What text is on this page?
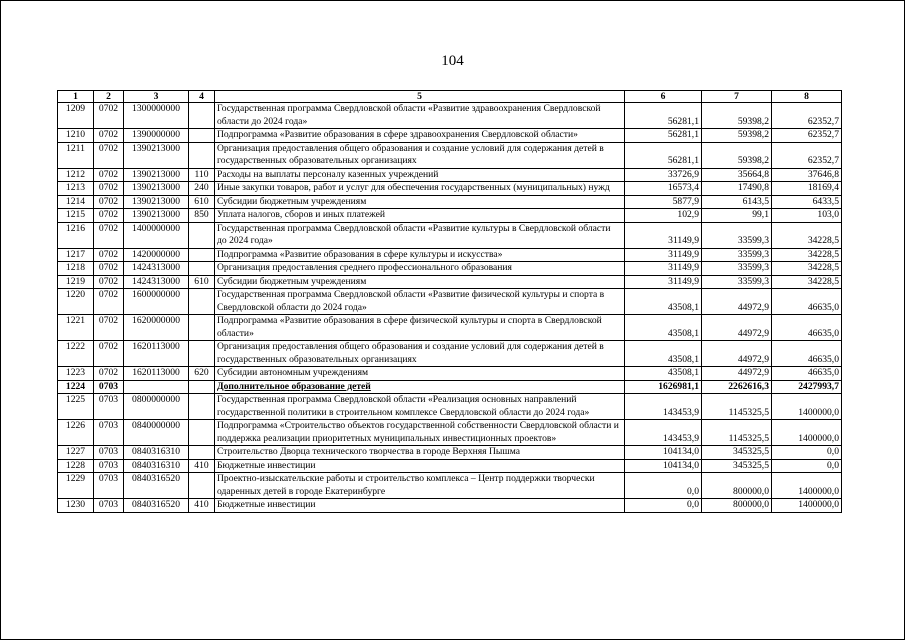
104
1	2	3	4	5	6	7	8
1209	0702	1300000000		Государственная программа Свердловской области «Развитие здравоохранения Свердловской области до 2024 года»	56281,1	59398,2	62352,7
1210	0702	1390000000		Подпрограмма «Развитие образования в сфере здравоохранения Свердловской области»	56281,1	59398,2	62352,7
1211	0702	1390213000		Организация предоставления общего образования и создание условий для содержания детей в государственных образовательных организациях	56281,1	59398,2	62352,7
1212	0702	1390213000	110	Расходы на выплаты персоналу казенных учреждений	33726,9	35664,8	37646,8
1213	0702	1390213000	240	Иные закупки товаров, работ и услуг для обеспечения государственных (муниципальных) нужд	16573,4	17490,8	18169,4
1214	0702	1390213000	610	Субсидии бюджетным учреждениям	5877,9	6143,5	6433,5
1215	0702	1390213000	850	Уплата налогов, сборов и иных платежей	102,9	99,1	103,0
1216	0702	1400000000		Государственная программа Свердловской области «Развитие культуры в Свердловской области до 2024 года»	31149,9	33599,3	34228,5
1217	0702	1420000000		Подпрограмма «Развитие образования в сфере культуры и искусства»	31149,9	33599,3	34228,5
1218	0702	1424313000		Организация предоставления среднего профессионального образования	31149,9	33599,3	34228,5
1219	0702	1424313000	610	Субсидии бюджетным учреждениям	31149,9	33599,3	34228,5
1220	0702	1600000000		Государственная программа Свердловской области «Развитие физической культуры и спорта в Свердловской области до 2024 года»	43508,1	44972,9	46635,0
1221	0702	1620000000		Подпрограмма «Развитие образования в сфере физической культуры и спорта в Свердловской области»	43508,1	44972,9	46635,0
1222	0702	1620113000		Организация предоставления общего образования и создание условий для содержания детей в государственных образовательных организациях	43508,1	44972,9	46635,0
1223	0702	1620113000	620	Субсидии автономным учреждениям	43508,1	44972,9	46635,0
1224	0703			Дополнительное образование детей	1626981,1	2262616,3	2427993,7
1225	0703	0800000000		Государственная программа Свердловской области «Реализация основных направлений государственной политики в строительном комплексе Свердловской области до 2024 года»	143453,9	1145325,5	1400000,0
1226	0703	0840000000		Подпрограмма «Строительство объектов государственной собственности Свердловской области и поддержка реализации приоритетных муниципальных инвестиционных проектов»	143453,9	1145325,5	1400000,0
1227	0703	0840316310		Строительство Дворца технического творчества в городе Верхняя Пышма	104134,0	345325,5	0,0
1228	0703	0840316310	410	Бюджетные инвестиции	104134,0	345325,5	0,0
1229	0703	0840316520		Проектно-изыскательские работы и строительство комплекса – Центр поддержки творчески одаренных детей в городе Екатеринбурге	0,0	800000,0	1400000,0
1230	0703	0840316520	410	Бюджетные инвестиции	0,0	800000,0	1400000,0
